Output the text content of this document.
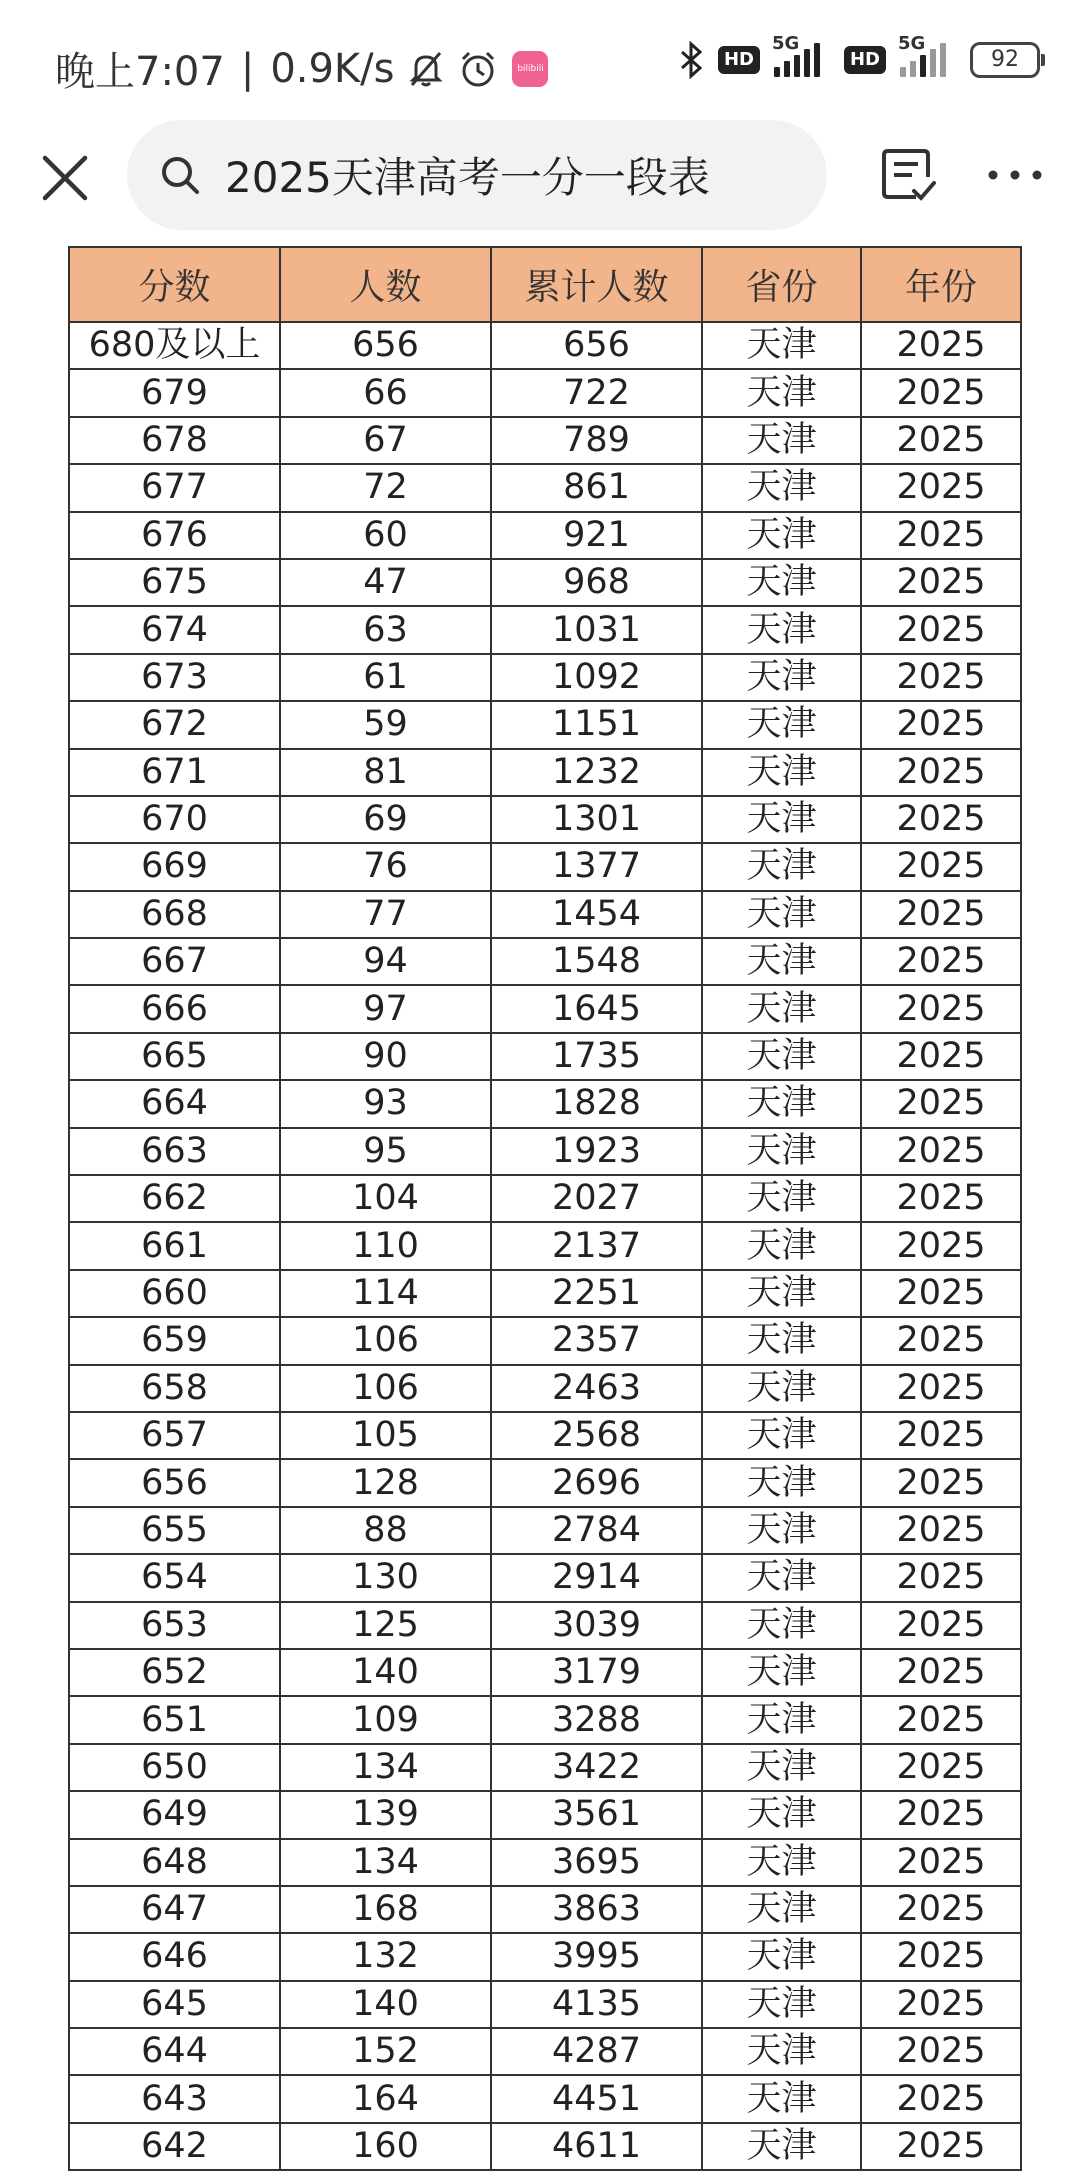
晚上7:07 | 0.9K/s	bilibili	HD
5G
HD
5G
92
2025天津高考一分一段表
分数	人数	累计人数	省份	年份
680及以上	656	656	天津	2025
679	66	722	天津	2025
678	67	789	天津	2025
677	72	861	天津	2025
676	60	921	天津	2025
675	47	968	天津	2025
674	63	1031	天津	2025
673	61	1092	天津	2025
672	59	1151	天津	2025
671	81	1232	天津	2025
670	69	1301	天津	2025
669	76	1377	天津	2025
668	77	1454	天津	2025
667	94	1548	天津	2025
666	97	1645	天津	2025
665	90	1735	天津	2025
664	93	1828	天津	2025
663	95	1923	天津	2025
662	104	2027	天津	2025
661	110	2137	天津	2025
660	114	2251	天津	2025
659	106	2357	天津	2025
658	106	2463	天津	2025
657	105	2568	天津	2025
656	128	2696	天津	2025
655	88	2784	天津	2025
654	130	2914	天津	2025
653	125	3039	天津	2025
652	140	3179	天津	2025
651	109	3288	天津	2025
650	134	3422	天津	2025
649	139	3561	天津	2025
648	134	3695	天津	2025
647	168	3863	天津	2025
646	132	3995	天津	2025
645	140	4135	天津	2025
644	152	4287	天津	2025
643	164	4451	天津	2025
642	160	4611	天津	2025
